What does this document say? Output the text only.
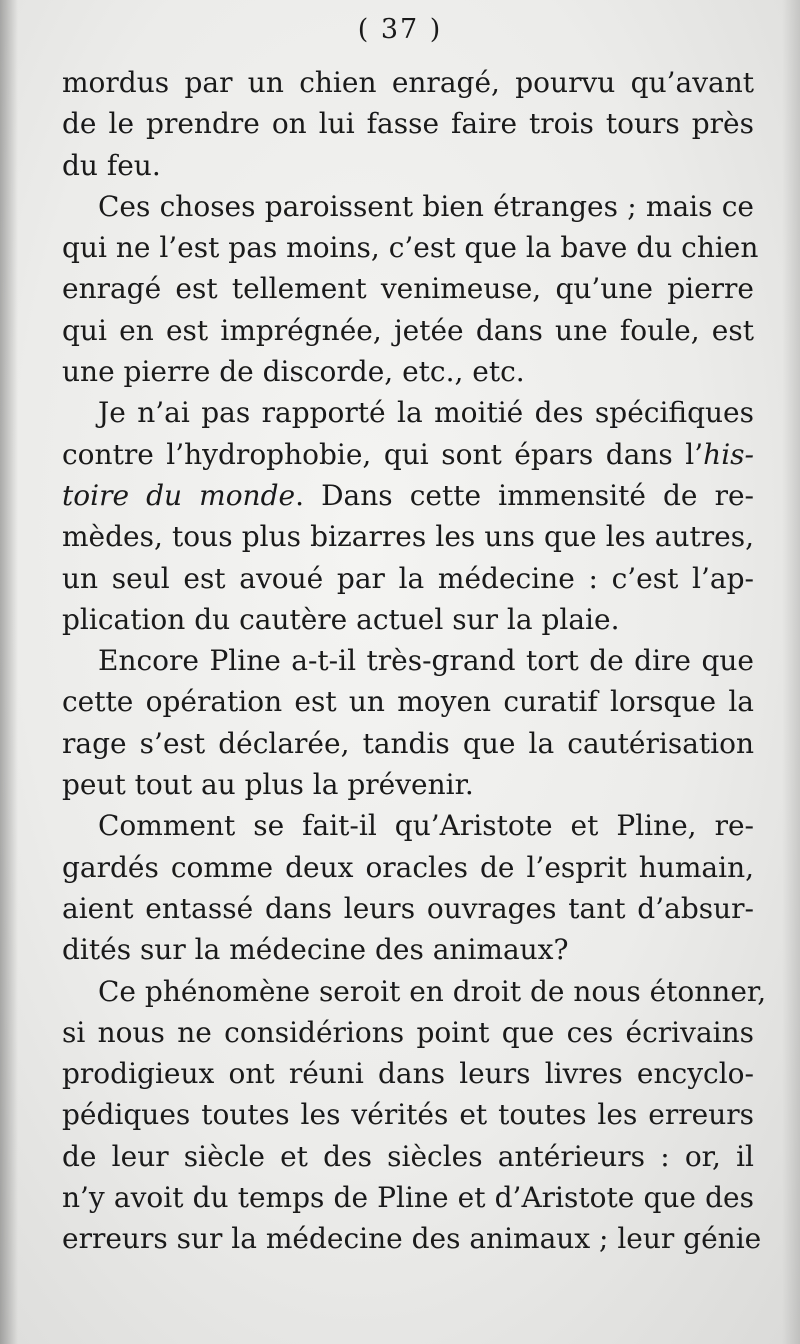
( 37 )
mordus par un chien enragé, pourvu qu’avant
de le prendre on lui fasse faire trois tours près
du feu.
Ces choses paroissent bien étranges ; mais ce
qui ne l’est pas moins, c’est que la bave du chien
enragé est tellement venimeuse, qu’une pierre
qui en est imprégnée, jetée dans une foule, est
une pierre de discorde, etc., etc.
Je n’ai pas rapporté la moitié des spécifiques
contre l’hydrophobie, qui sont épars dans l’his-
toire du monde. Dans cette immensité de re-
mèdes, tous plus bizarres les uns que les autres,
un seul est avoué par la médecine : c’est l’ap-
plication du cautère actuel sur la plaie.
Encore Pline a-t-il très-grand tort de dire que
cette opération est un moyen curatif lorsque la
rage s’est déclarée, tandis que la cautérisation
peut tout au plus la prévenir.
Comment se fait-il qu’Aristote et Pline, re-
gardés comme deux oracles de l’esprit humain,
aient entassé dans leurs ouvrages tant d’absur-
dités sur la médecine des animaux?
Ce phénomène seroit en droit de nous étonner,
si nous ne considérions point que ces écrivains
prodigieux ont réuni dans leurs livres encyclo-
pédiques toutes les vérités et toutes les erreurs
de leur siècle et des siècles antérieurs : or, il
n’y avoit du temps de Pline et d’Aristote que des
erreurs sur la médecine des animaux ; leur génie
